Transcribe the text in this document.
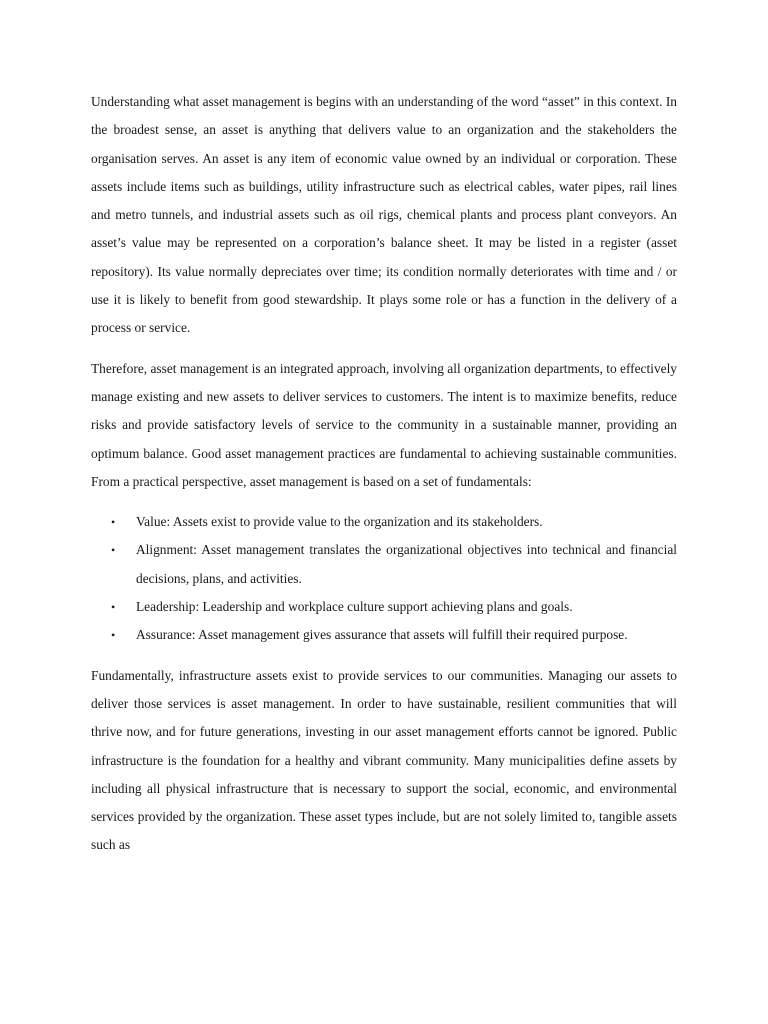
Understanding what asset management is begins with an understanding of the word “asset” in this context. In the broadest sense, an asset is anything that delivers value to an organization and the stakeholders the organisation serves. An asset is any item of economic value owned by an individual or corporation. These assets include items such as buildings, utility infrastructure such as electrical cables, water pipes, rail lines and metro tunnels, and industrial assets such as oil rigs, chemical plants and process plant conveyors. An asset’s value may be represented on a corporation’s balance sheet. It may be listed in a register (asset repository). Its value normally depreciates over time; its condition normally deteriorates with time and / or use it is likely to benefit from good stewardship. It plays some role or has a function in the delivery of a process or service.

Therefore, asset management is an integrated approach, involving all organization departments, to effectively manage existing and new assets to deliver services to customers. The intent is to maximize benefits, reduce risks and provide satisfactory levels of service to the community in a sustainable manner, providing an optimum balance. Good asset management practices are fundamental to achieving sustainable communities. From a practical perspective, asset management is based on a set of fundamentals:

• Value: Assets exist to provide value to the organization and its stakeholders.
• Alignment: Asset management translates the organizational objectives into technical and financial decisions, plans, and activities.
• Leadership: Leadership and workplace culture support achieving plans and goals.
• Assurance: Asset management gives assurance that assets will fulfill their required purpose.

Fundamentally, infrastructure assets exist to provide services to our communities. Managing our assets to deliver those services is asset management. In order to have sustainable, resilient communities that will thrive now, and for future generations, investing in our asset management efforts cannot be ignored. Public infrastructure is the foundation for a healthy and vibrant community. Many municipalities define assets by including all physical infrastructure that is necessary to support the social, economic, and environmental services provided by the organization. These asset types include, but are not solely limited to, tangible assets such as
